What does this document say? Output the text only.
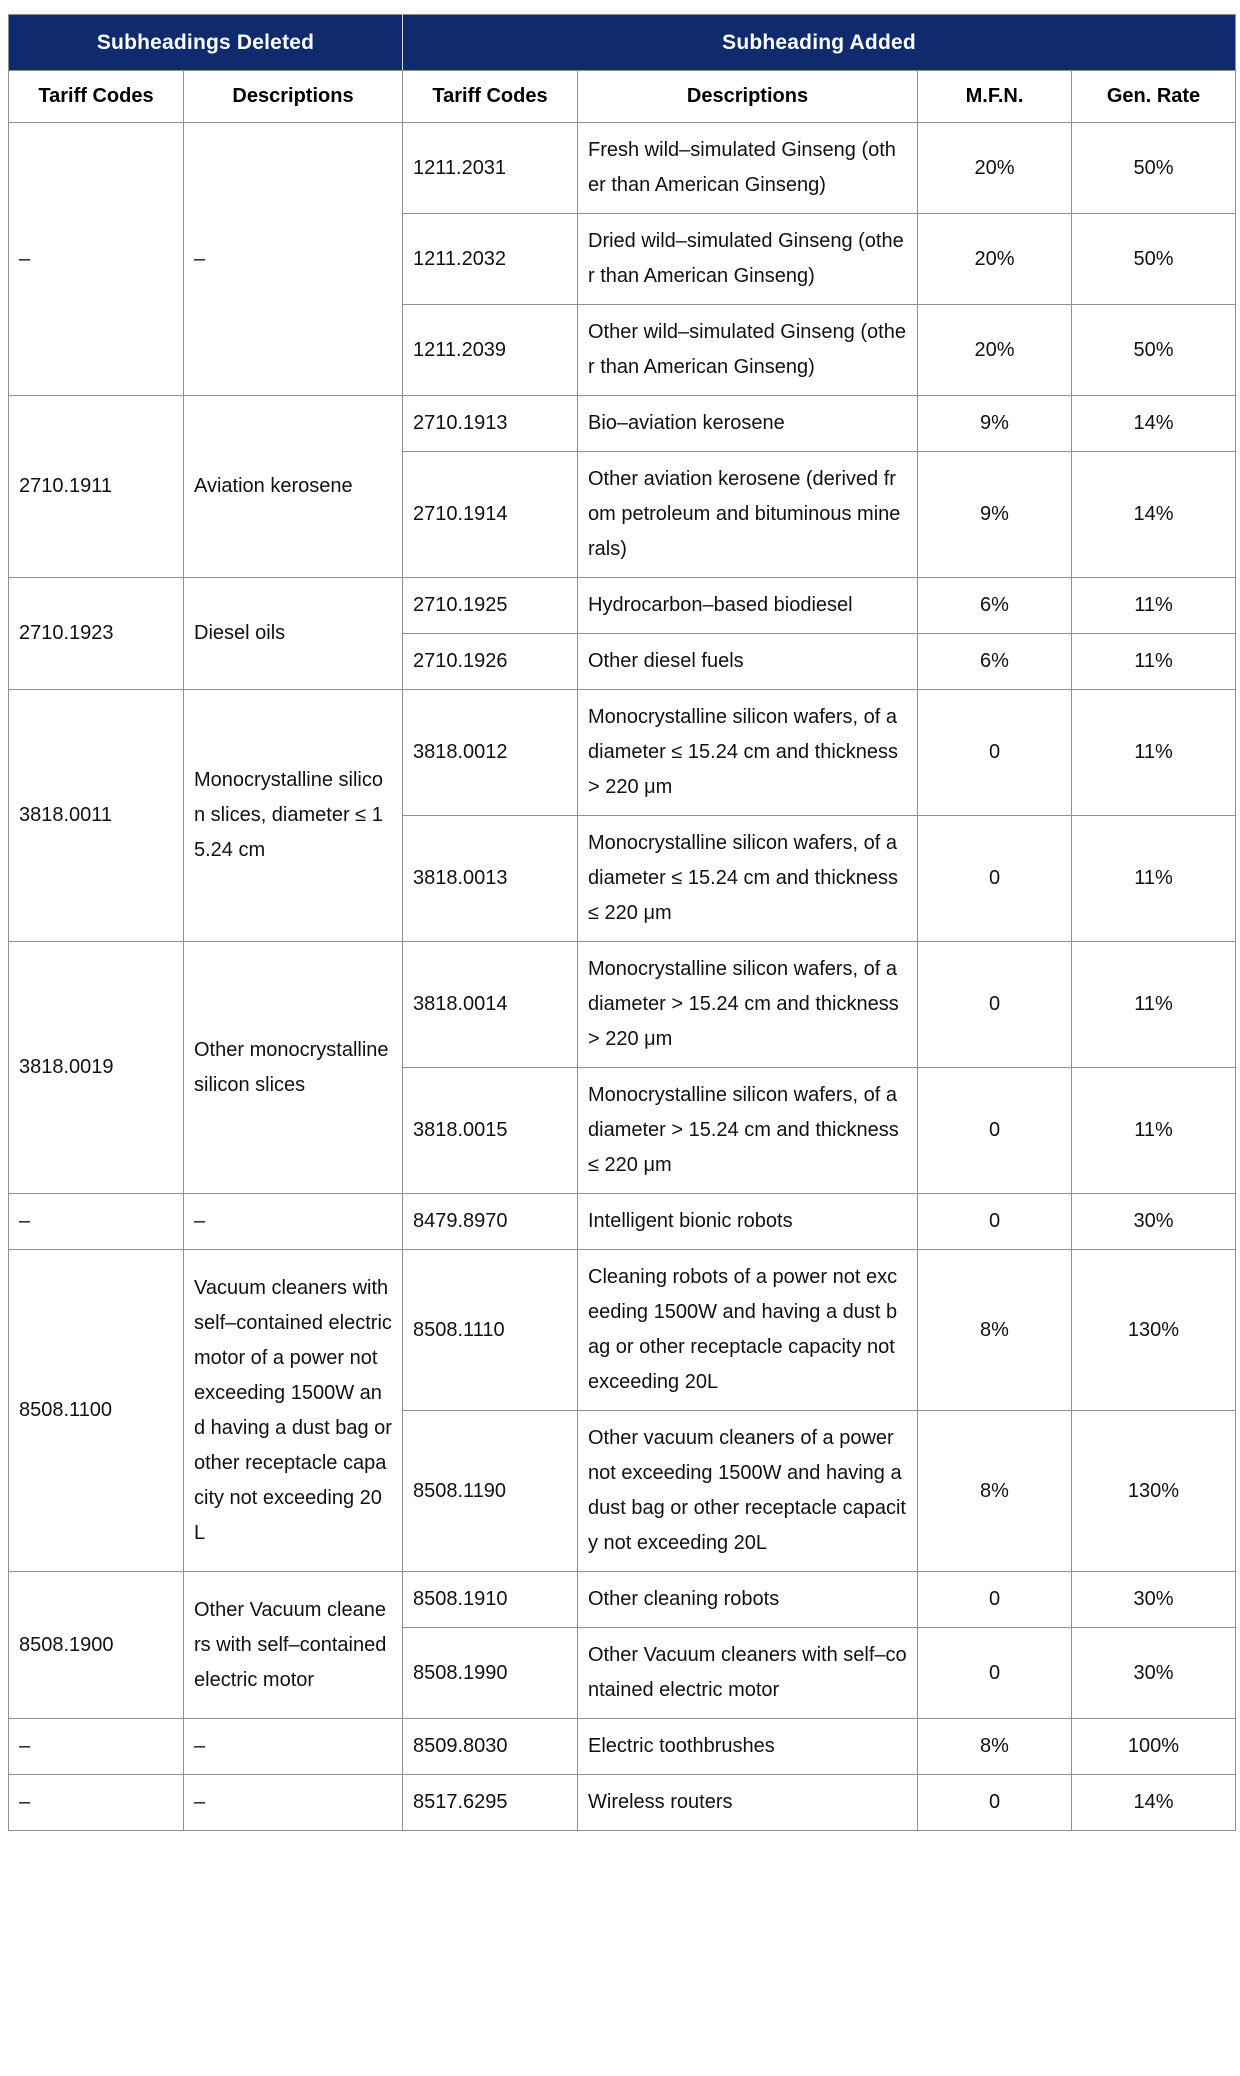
Subheadings Deleted		Subheading Added			
Tariff Codes	Descriptions	Tariff Codes	Descriptions	M.F.N.	Gen. Rate
–	–	1211.2031	Fresh wild–simulated Ginseng (other than American Ginseng)	20%	50%
		1211.2032	Dried wild–simulated Ginseng (other than American Ginseng)	20%	50%
		1211.2039	Other wild–simulated Ginseng (other than American Ginseng)	20%	50%
2710.1911	Aviation kerosene	2710.1913	Bio–aviation kerosene	9%	14%
		2710.1914	Other aviation kerosene (derived from petroleum and bituminous minerals)	9%	14%
2710.1923	Diesel oils	2710.1925	Hydrocarbon–based biodiesel	6%	11%
		2710.1926	Other diesel fuels	6%	11%
3818.0011	Monocrystalline silicon slices, diameter ≤ 15.24 cm	3818.0012	Monocrystalline silicon wafers, of a diameter ≤ 15.24 cm and thickness > 220 μm	0	11%
		3818.0013	Monocrystalline silicon wafers, of a diameter ≤ 15.24 cm and thickness ≤ 220 μm	0	11%
3818.0019	Other monocrystalline silicon slices	3818.0014	Monocrystalline silicon wafers, of a diameter > 15.24 cm and thickness > 220 μm	0	11%
		3818.0015	Monocrystalline silicon wafers, of a diameter > 15.24 cm and thickness ≤ 220 μm	0	11%
–	–	8479.8970	Intelligent bionic robots	0	30%
8508.1100	Vacuum cleaners with self–contained electric motor of a power not exceeding 1500W and having a dust bag or other receptacle capacity not exceeding 20L	8508.1110	Cleaning robots of a power not exceeding 1500W and having a dust bag or other receptacle capacity not exceeding 20L	8%	130%
		8508.1190	Other vacuum cleaners of a power not exceeding 1500W and having a dust bag or other receptacle capacity not exceeding 20L	8%	130%
8508.1900	Other Vacuum cleaners with self–contained electric motor	8508.1910	Other cleaning robots	0	30%
		8508.1990	Other Vacuum cleaners with self–contained electric motor	0	30%
–	–	8509.8030	Electric toothbrushes	8%	100%
–	–	8517.6295	Wireless routers	0	14%
